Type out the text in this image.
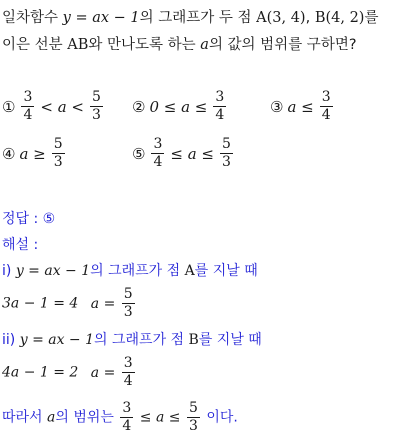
일차함수 y = ax − 1의 그래프가 두 점 A(3, 4), B(4, 2)를
이은 선분 AB와 만나도록 하는 a의 값의 범위를 구하면?
① $\frac{3}{4} < a < \frac{5}{3}$ ② $0 \le a \le \frac{3}{4}$	③ $a \le \frac{3}{4}$
④ $a \ge \frac{5}{3}$	⑤ $\frac{3}{4} \le a \le \frac{5}{3}$
정답 : ⑤
해설 :
i) y = ax − 1의 그래프가 점 A를 지날 때
3a − 1 = 4 $a = \frac{5}{3}$
ii) y = ax − 1의 그래프가 점 B를 지날 때
4a − 1 = 2 $a = \frac{3}{4}$
따라서 a의 범위는 $\frac{3}{4} \le a \le \frac{5}{3}$ 이다.
